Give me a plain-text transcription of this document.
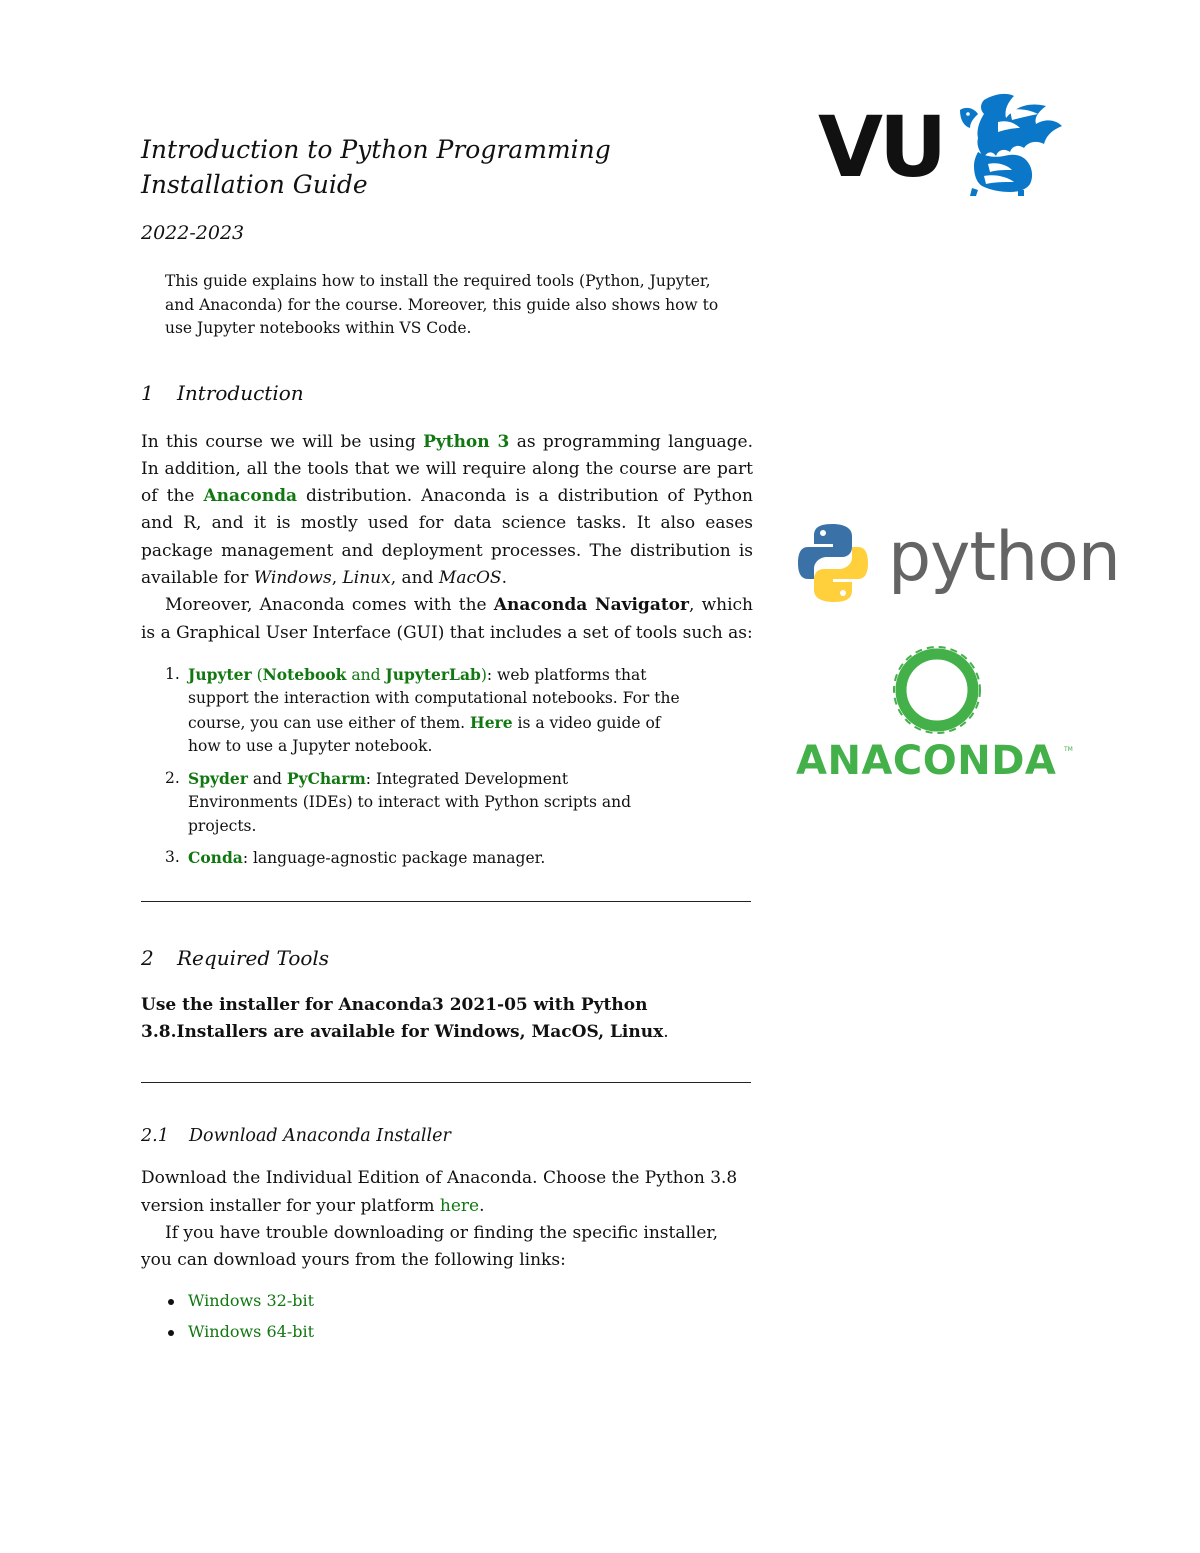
VU
python
ANACONDA TM
Introduction to Python Programming Installation Guide
2022-2023
This guide explains how to install the required tools (Python, Jupyter, and Anaconda) for the course. Moreover, this guide also shows how to use Jupyter notebooks within VS Code.
1 Introduction

In this course we will be using Python 3 as programming language. In addition, all the tools that we will require along the course are part of the Anaconda distribution. Anaconda is a distribution of Python and R, and it is mostly used for data science tasks. It also eases package management and deployment processes. The distribution is available for Windows, Linux, and MacOS.

Moreover, Anaconda comes with the Anaconda Navigator, which is a Graphical User Interface (GUI) that includes a set of tools such as:

1. Jupyter (Notebook and JupyterLab): web platforms that support the interaction with computational notebooks. For the course, you can use either of them. Here is a video guide of how to use a Jupyter notebook.
2. Spyder and PyCharm: Integrated Development Environments (IDEs) to interact with Python scripts and projects.
3. Conda: language-agnostic package manager.
2 Required Tools

Use the installer for Anaconda3 2021-05 with Python 3.8.Installers are available for Windows, MacOS, Linux.

2.1 Download Anaconda Installer

Download the Individual Edition of Anaconda. Choose the Python 3.8 version installer for your platform here.

If you have trouble downloading or finding the specific installer, you can download yours from the following links:

Windows 32-bit
Windows 64-bit
